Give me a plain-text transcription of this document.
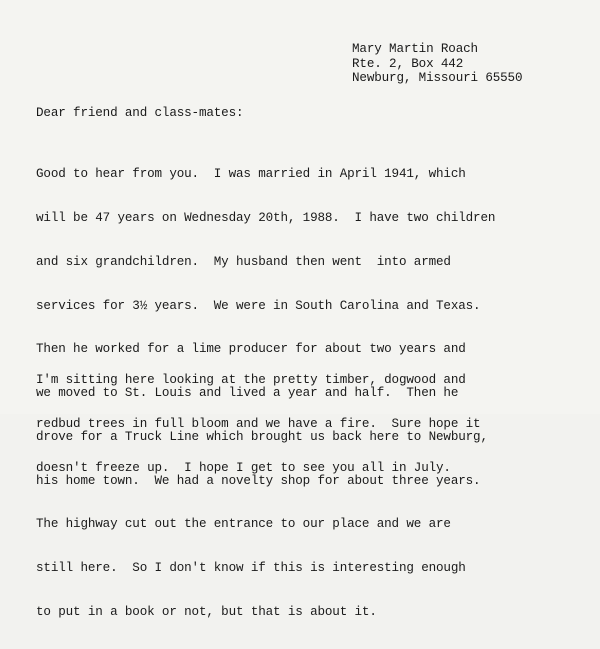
Mary Martin Roach
Rte. 2, Box 442
Newburg, Missouri 65550
Dear friend and class-mates:

Good to hear from you.  I was married in April 1941, which

will be 47 years on Wednesday 20th, 1988.  I have two children

and six grandchildren.  My husband then went  into armed

services for 3½ years.  We were in South Carolina and Texas.

Then he worked for a lime producer for about two years and

we moved to St. Louis and lived a year and half.  Then he

drove for a Truck Line which brought us back here to Newburg,

his home town.  We had a novelty shop for about three years.

The highway cut out the entrance to our place and we are

still here.  So I don't know if this is interesting enough

to put in a book or not, but that is about it.

I'm sitting here looking at the pretty timber, dogwood and

redbud trees in full bloom and we have a fire.  Sure hope it

doesn't freeze up.  I hope I get to see you all in July.
